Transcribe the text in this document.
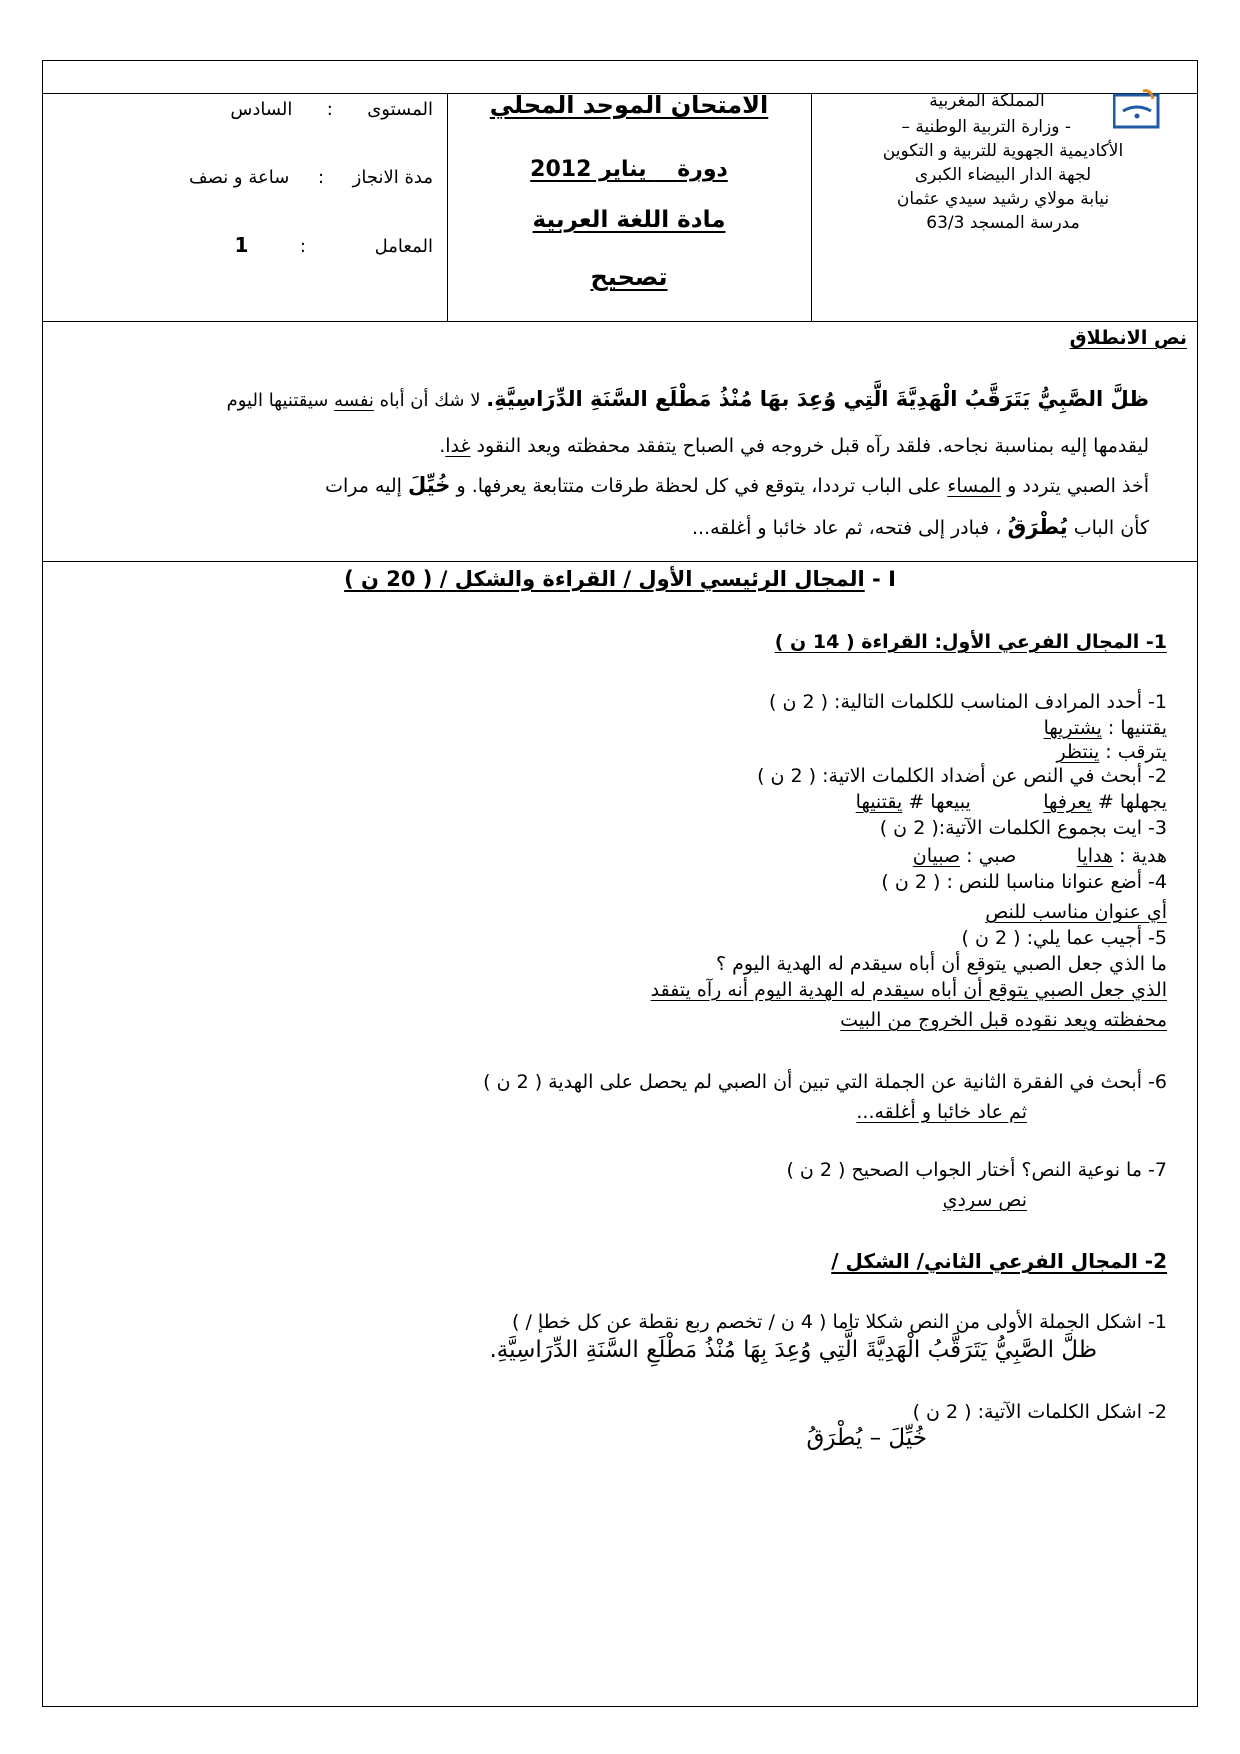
المملكة المغربية
- وزارة التربية الوطنية –
الأكاديمية الجهوية للتربية و التكوين
لجهة الدار البيضاء الكبرى
نيابة مولاي رشيد سيدي عثمان
مدرسة المسجد 63/3
الامتحان الموحد المحلي
دورة    يناير 2012
مادة اللغة العربية
تصحيح
المستوى      :      السادس
مدة الانجاز     :     ساعة و نصف
المعامل            :         1
نص الانطلاق
ظلَّ الصَّبِيُّ يَتَرَقَّبُ الْهَدِيَّةَ الَّتِي وُعِدَ بهَا مُنْذُ مَطْلَع السَّنَةِ الدِّرَاسِيَّةِ. لا شك أن أباه نفسه سيقتنيها اليوم
ليقدمها إليه بمناسبة نجاحه. فلقد رآه قبل خروجه في الصباح يتفقد محفظته ويعد النقود غدا.
أخذ الصبي يتردد و المساء على الباب ترددا، يتوقع في كل لحظة طرقات متتابعة يعرفها. و خُيِّلَ إليه مرات
كأن الباب يُطْرَقُ ، فبادر إلى فتحه، ثم عاد خائبا و أغلقه...
I - المجال الرئيسي الأول / القراءة والشكل / ( 20 ن )
1- المجال الفرعي الأول: القراءة ( 14 ن )
1- أحدد المرادف المناسب للكلمات التالية: ( 2 ن )
يقتنيها : يشتريها
يترقب : ينتظر
2- أبحث في النص عن أضداد الكلمات الاتية: ( 2 ن )
يجهلها # يعرفها            يبيعها # يقتنيها
3- ايت بجموع الكلمات الآتية:( 2 ن )
هدية : هدايا          صبي : صبيان
4- أضع عنوانا مناسبا للنص : ( 2 ن )
أي عنوان مناسب للنص
5- أجيب عما يلي: ( 2 ن )
ما الذي جعل الصبي يتوقع أن أباه سيقدم له الهدية اليوم ؟
الذي جعل الصبي يتوقع أن أباه سيقدم له الهدية اليوم أنه رآه يتفقد
محفظته ويعد نقوده قبل الخروج من البيت
6- أبحث في الفقرة الثانية عن الجملة التي تبين أن الصبي لم يحصل على الهدية ( 2 ن )
ثم عاد خائبا و أغلقه...
7- ما نوعية النص؟ أختار الجواب الصحيح ( 2 ن )
نص سردي
2- المجال الفرعي الثاني/ الشكل /
1- اشكل الجملة الأولى من النص شكلا تاما ( 4 ن / تخصم ربع نقطة عن كل خطإ / )
ظلَّ الصَّبِيُّ يَتَرَقَّبُ الْهَدِيَّةَ الَّتِي وُعِدَ بِهَا مُنْذُ مَطْلَعِ السَّنَةِ الدِّرَاسِيَّةِ.
2- اشكل الكلمات الآتية: ( 2 ن )
خُيِّلَ – يُطْرَقُ
